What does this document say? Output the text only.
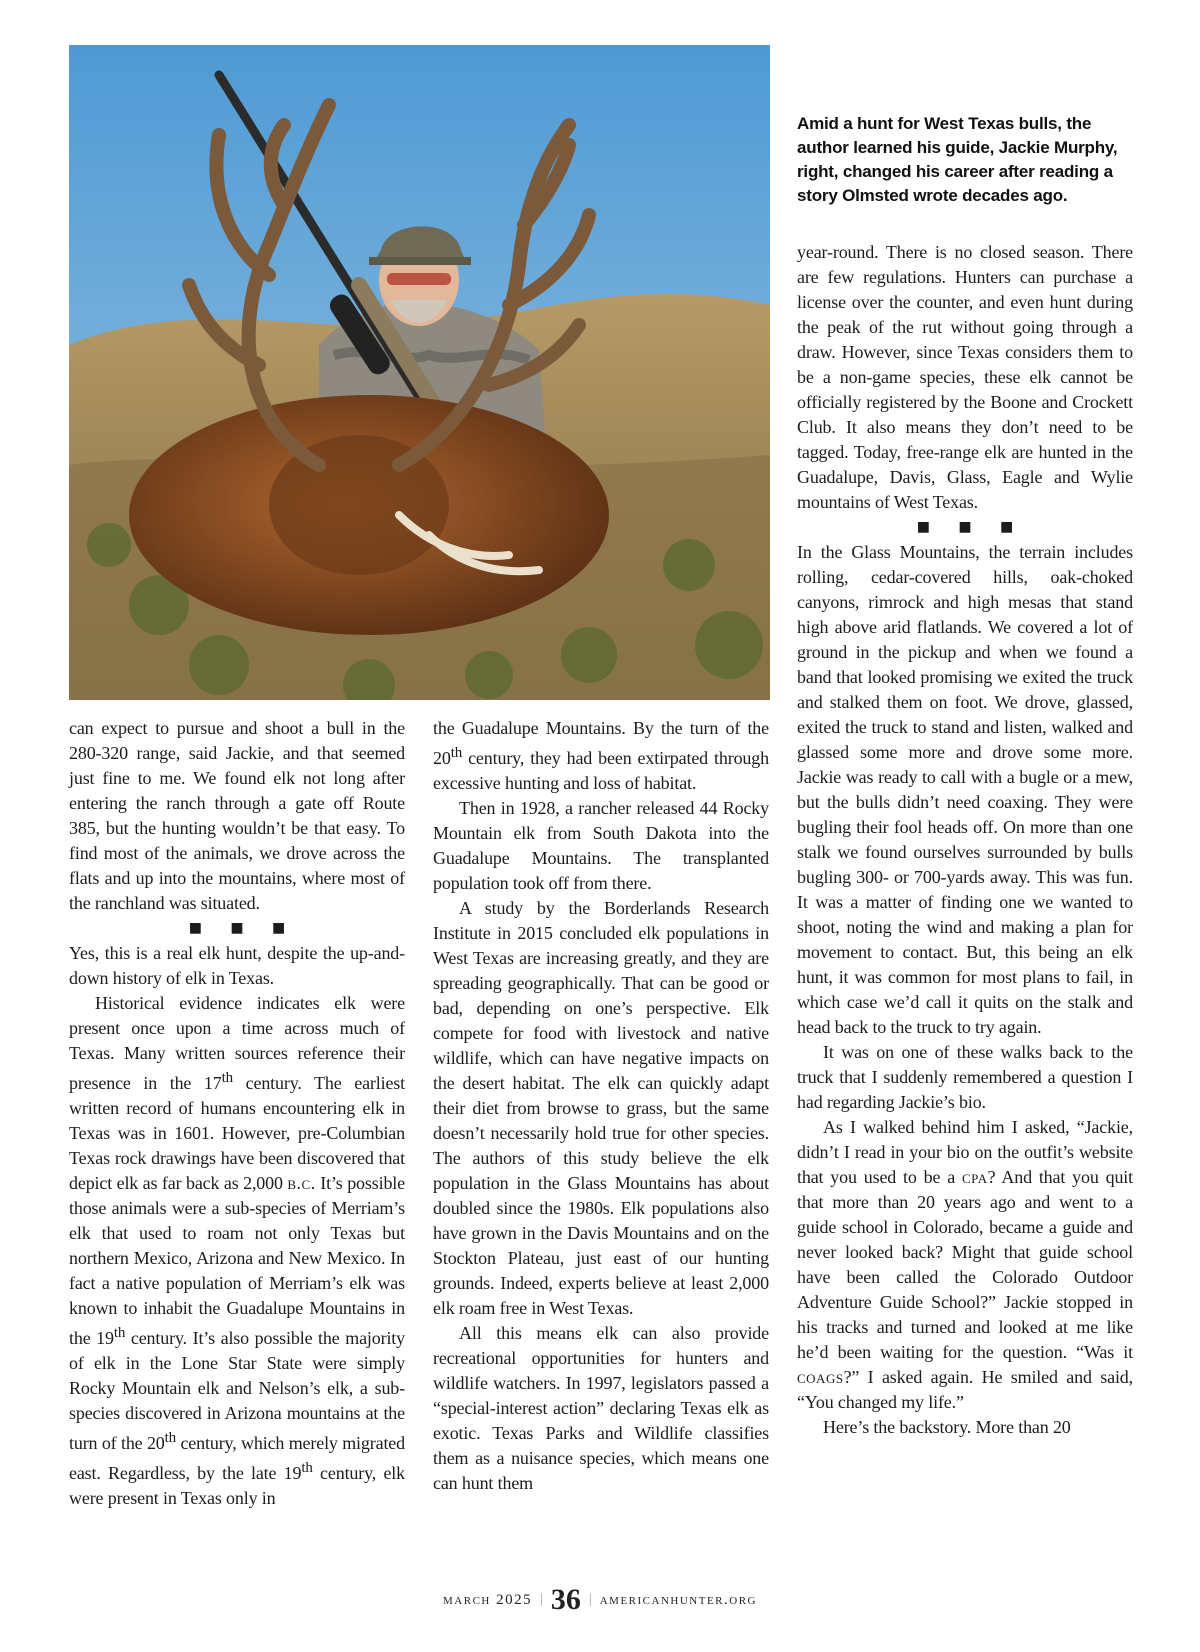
Amid a hunt for West Texas bulls, the author learned his guide, Jackie Murphy, right, changed his career after reading a story Olmsted wrote decades ago.

can expect to pursue and shoot a bull in the 280-320 range, said Jackie, and that seemed just fine to me. We found elk not long after entering the ranch through a gate off Route 385, but the hunting wouldn’t be that easy. To find most of the animals, we drove across the flats and up into the mountains, where most of the ranchland was situated.

■ ■ ■

Yes, this is a real elk hunt, despite the up-and-down history of elk in Texas.

Historical evidence indicates elk were present once upon a time across much of Texas. Many written sources reference their presence in the 17th century. The earliest written record of humans encountering elk in Texas was in 1601. However, pre-Columbian Texas rock drawings have been discovered that depict elk as far back as 2,000 b.c. It’s possible those animals were a sub-species of Merriam’s elk that used to roam not only Texas but northern Mexico, Arizona and New Mexico. In fact a native population of Merriam’s elk was known to inhabit the Guadalupe Mountains in the 19th century. It’s also possible the majority of elk in the Lone Star State were simply Rocky Mountain elk and Nelson’s elk, a sub-species discovered in Arizona mountains at the turn of the 20th century, which merely migrated east. Regardless, by the late 19th century, elk were present in Texas only in

the Guadalupe Mountains. By the turn of the 20th century, they had been extirpated through excessive hunting and loss of habitat.

Then in 1928, a rancher released 44 Rocky Mountain elk from South Dakota into the Guadalupe Mountains. The transplanted population took off from there.

A study by the Borderlands Research Institute in 2015 concluded elk populations in West Texas are increasing greatly, and they are spreading geographically. That can be good or bad, depending on one’s perspective. Elk compete for food with livestock and native wildlife, which can have negative impacts on the desert habitat. The elk can quickly adapt their diet from browse to grass, but the same doesn’t necessarily hold true for other species. The authors of this study believe the elk population in the Glass Mountains has about doubled since the 1980s. Elk populations also have grown in the Davis Mountains and on the Stockton Plateau, just east of our hunting grounds. Indeed, experts believe at least 2,000 elk roam free in West Texas.

All this means elk can also provide recreational opportunities for hunters and wildlife watchers. In 1997, legislators passed a “special-interest action” declaring Texas elk as exotic. Texas Parks and Wildlife classifies them as a nuisance species, which means one can hunt them

year-round. There is no closed season. There are few regulations. Hunters can purchase a license over the counter, and even hunt during the peak of the rut without going through a draw. However, since Texas considers them to be a non-game species, these elk cannot be officially registered by the Boone and Crockett Club. It also means they don’t need to be tagged. Today, free-range elk are hunted in the Guadalupe, Davis, Glass, Eagle and Wylie mountains of West Texas.

■ ■ ■

In the Glass Mountains, the terrain includes rolling, cedar-covered hills, oak-choked canyons, rimrock and high mesas that stand high above arid flatlands. We covered a lot of ground in the pickup and when we found a band that looked promising we exited the truck and stalked them on foot. We drove, glassed, exited the truck to stand and listen, walked and glassed some more and drove some more. Jackie was ready to call with a bugle or a mew, but the bulls didn’t need coaxing. They were bugling their fool heads off. On more than one stalk we found ourselves surrounded by bulls bugling 300- or 700-yards away. This was fun. It was a matter of finding one we wanted to shoot, noting the wind and making a plan for movement to contact. But, this being an elk hunt, it was common for most plans to fail, in which case we’d call it quits on the stalk and head back to the truck to try again.

It was on one of these walks back to the truck that I suddenly remembered a question I had regarding Jackie’s bio.

As I walked behind him I asked, “Jackie, didn’t I read in your bio on the outfit’s website that you used to be a cpa? And that you quit that more than 20 years ago and went to a guide school in Colorado, became a guide and never looked back? Might that guide school have been called the Colorado Outdoor Adventure Guide School?” Jackie stopped in his tracks and turned and looked at me like he’d been waiting for the question. “Was it coags?” I asked again. He smiled and said, “You changed my life.”

Here’s the backstory. More than 20

march 2025 | 36 | americanhunter.org
